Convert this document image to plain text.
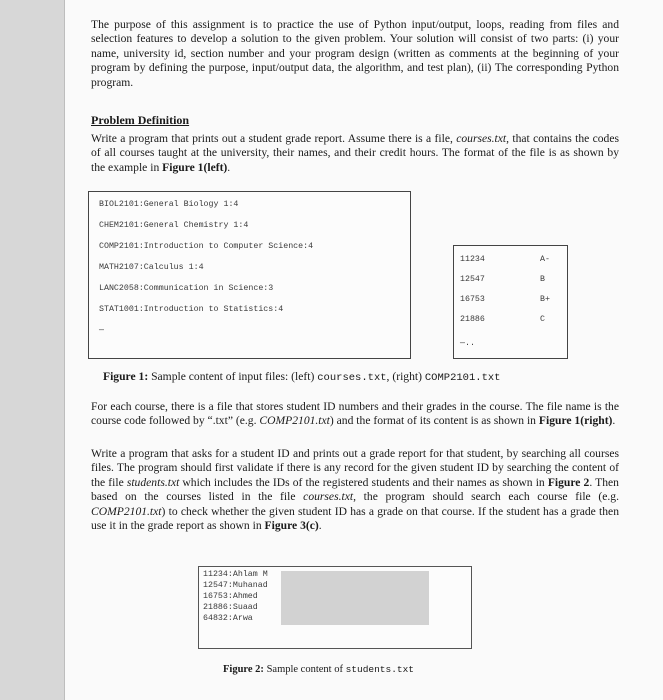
The purpose of this assignment is to practice the use of Python input/output, loops, reading from files and selection features to develop a solution to the given problem. Your solution will consist of two parts: (i) your name, university id, section number and your program design (written as comments at the beginning of your program by defining the purpose, input/output data, the algorithm, and test plan), (ii) The corresponding Python program.

Problem Definition

Write a program that prints out a student grade report. Assume there is a file, courses.txt, that contains the codes of all courses taught at the university, their names, and their credit hours. The format of the file is as shown by the example in Figure 1(left).

BIOL2101:General Biology 1:4
CHEM2101:General Chemistry 1:4
COMP2101:Introduction to Computer Science:4
MATH2107:Calculus 1:4
LANC2058:Communication in Science:3
STAT1001:Introduction to Statistics:4
—
11234	A-
12547	B
16753	B+
21886	C
—..

Figure 1: Sample content of input files: (left) courses.txt, (right) COMP2101.txt

For each course, there is a file that stores student ID numbers and their grades in the course. The file name is the course code followed by “.txt” (e.g. COMP2101.txt) and the format of its content is as shown in Figure 1(right).

Write a program that asks for a student ID and prints out a grade report for that student, by searching all courses files. The program should first validate if there is any record for the given student ID by searching the content of the file students.txt which includes the IDs of the registered students and their names as shown in Figure 2. Then based on the courses listed in the file courses.txt, the program should search each course file (e.g. COMP2101.txt) to check whether the given student ID has a grade on that course. If the student has a grade then use it in the grade report as shown in Figure 3(c).

11234:Ahlam M
12547:Muhanad
16753:Ahmed
21886:Suaad
64832:Arwa

Figure 2: Sample content of students.txt
